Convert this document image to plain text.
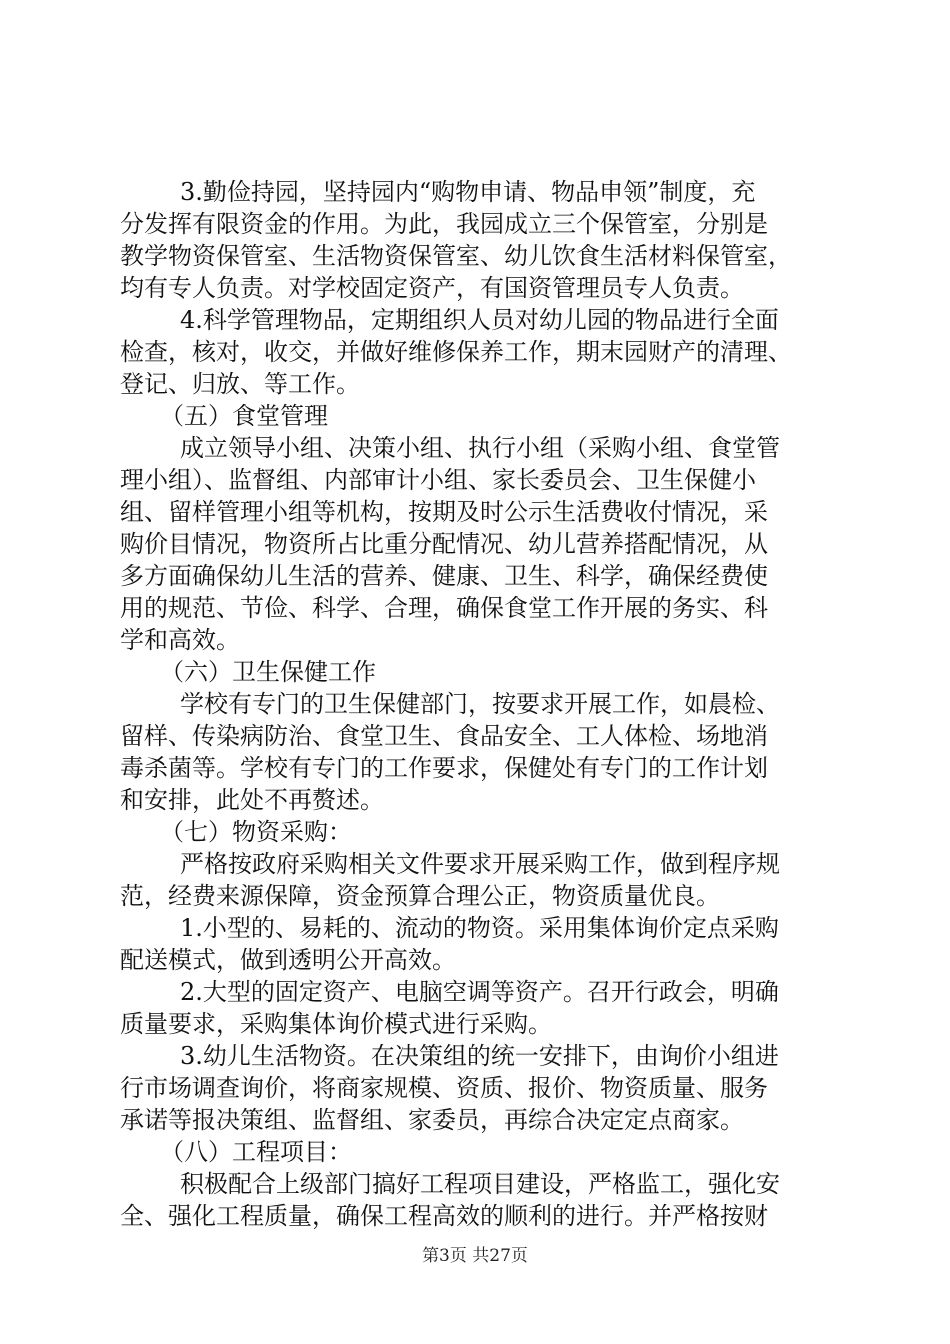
3.勤俭持园，坚持园内“购物申请、物品申领”制度，充
分发挥有限资金的作用。为此，我园成立三个保管室，分别是
教学物资保管室、生活物资保管室、幼儿饮食生活材料保管室，
均有专人负责。对学校固定资产，有国资管理员专人负责。
4.科学管理物品，定期组织人员对幼儿园的物品进行全面
检查，核对，收交，并做好维修保养工作，期末园财产的清理、
登记、归放、等工作。
（五）食堂管理
成立领导小组、决策小组、执行小组（采购小组、食堂管
理小组）、监督组、内部审计小组、家长委员会、卫生保健小
组、留样管理小组等机构，按期及时公示生活费收付情况，采
购价目情况，物资所占比重分配情况、幼儿营养搭配情况，从
多方面确保幼儿生活的营养、健康、卫生、科学，确保经费使
用的规范、节俭、科学、合理，确保食堂工作开展的务实、科
学和高效。
（六）卫生保健工作
学校有专门的卫生保健部门，按要求开展工作，如晨检、
留样、传染病防治、食堂卫生、食品安全、工人体检、场地消
毒杀菌等。学校有专门的工作要求，保健处有专门的工作计划
和安排，此处不再赘述。
（七）物资采购：
严格按政府采购相关文件要求开展采购工作，做到程序规
范，经费来源保障，资金预算合理公正，物资质量优良。
1.小型的、易耗的、流动的物资。采用集体询价定点采购
配送模式，做到透明公开高效。
2.大型的固定资产、电脑空调等资产。召开行政会，明确
质量要求，采购集体询价模式进行采购。
3.幼儿生活物资。在决策组的统一安排下，由询价小组进
行市场调查询价，将商家规模、资质、报价、物资质量、服务
承诺等报决策组、监督组、家委员，再综合决定定点商家。
（八）工程项目：
积极配合上级部门搞好工程项目建设，严格监工，强化安
全、强化工程质量，确保工程高效的顺利的进行。并严格按财
第3页 共27页
